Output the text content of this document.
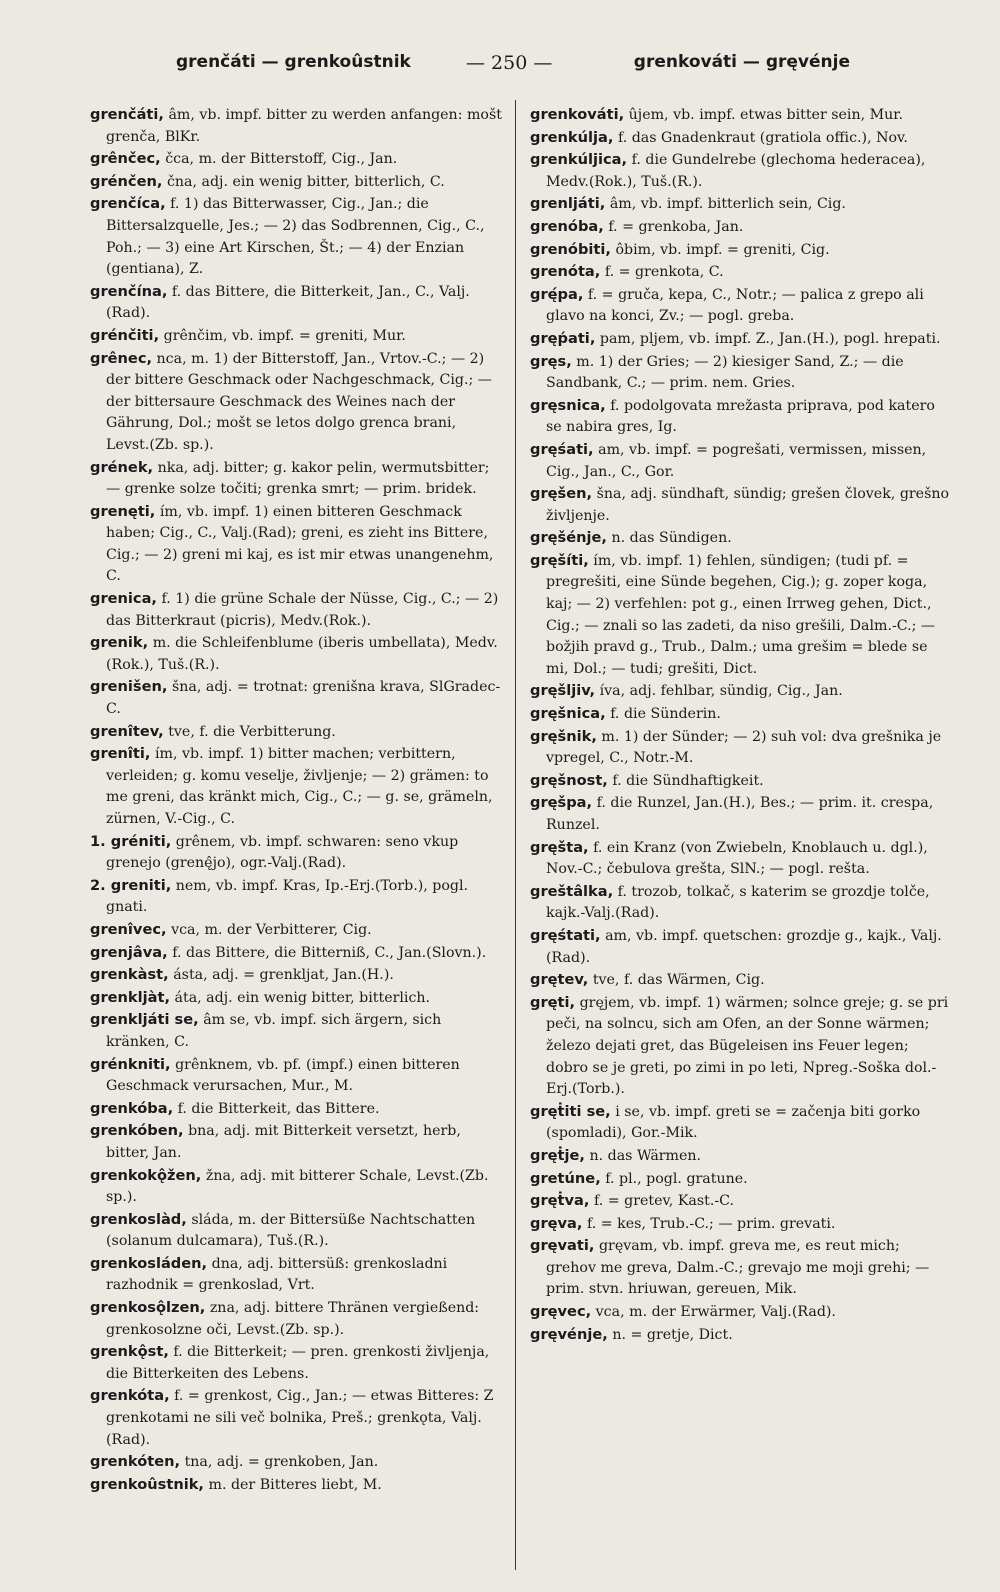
grenčáti — grenkoûstnik	— 250 —	grenkováti — gręvénje

grenčáti, âm, vb. impf. bitter zu werden anfangen: mošt grenča, BlKr.

grênčec, čca, m. der Bitterstoff, Cig., Jan.

grénčen, čna, adj. ein wenig bitter, bitterlich, C.

grenčíca, f. 1) das Bitterwasser, Cig., Jan.; die Bittersalzquelle, Jes.; — 2) das Sodbrennen, Cig., C., Poh.; — 3) eine Art Kirschen, Št.; — 4) der Enzian (gentiana), Z.

grenčína, f. das Bittere, die Bitterkeit, Jan., C., Valj.(Rad).

grénčiti, grênčim, vb. impf. = greniti, Mur.

grênec, nca, m. 1) der Bitterstoff, Jan., Vrtov.-C.; — 2) der bittere Geschmack oder Nachgeschmack, Cig.; — der bittersaure Geschmack des Weines nach der Gährung, Dol.; mošt se letos dolgo grenca brani, Levst.(Zb. sp.).

grének, nka, adj. bitter; g. kakor pelin, wermutsbitter; — grenke solze točiti; grenka smrt; — prim. bridek.

grenęti, ím, vb. impf. 1) einen bitteren Geschmack haben; Cig., C., Valj.(Rad); greni, es zieht ins Bittere, Cig.; — 2) greni mi kaj, es ist mir etwas unangenehm, C.

grenica, f. 1) die grüne Schale der Nüsse, Cig., C.; — 2) das Bitterkraut (picris), Medv.(Rok.).

grenik, m. die Schleifenblume (iberis umbellata), Medv.(Rok.), Tuš.(R.).

grenišen, šna, adj. = trotnat: grenišna krava, SlGradec-C.

grenîtev, tve, f. die Verbitterung.

grenîti, ím, vb. impf. 1) bitter machen; verbittern, verleiden; g. komu veselje, življenje; — 2) grämen: to me greni, das kränkt mich, Cig., C.; — g. se, grämeln, zürnen, V.-Cig., C.

1. gréniti, grênem, vb. impf. schwaren: seno vkup grenejo (grenę̂jo), ogr.-Valj.(Rad).

2. greniti, nem, vb. impf. Kras, Ip.-Erj.(Torb.), pogl. gnati.

grenîvec, vca, m. der Verbitterer, Cig.

grenjâva, f. das Bittere, die Bitterniß, C., Jan.(Slovn.).

grenkàst, ásta, adj. = grenkljat, Jan.(H.).

grenkljàt, áta, adj. ein wenig bitter, bitterlich.

grenkljáti se, âm se, vb. impf. sich ärgern, sich kränken, C.

grénkniti, grênknem, vb. pf. (impf.) einen bitteren Geschmack verursachen, Mur., M.

grenkóba, f. die Bitterkeit, das Bittere.

grenkóben, bna, adj. mit Bitterkeit versetzt, herb, bitter, Jan.

grenkokǫ̂žen, žna, adj. mit bitterer Schale, Levst.(Zb. sp.).

grenkoslàd, sláda, m. der Bittersüße Nachtschatten (solanum dulcamara), Tuš.(R.).

grenkosláden, dna, adj. bittersüß: grenkosladni razhodnik = grenkoslad, Vrt.

grenkosǫ̂lzen, zna, adj. bittere Thränen vergießend: grenkosolzne oči, Levst.(Zb. sp.).

grenkǫ̂st, f. die Bitterkeit; — pren. grenkosti življenja, die Bitterkeiten des Lebens.

grenkóta, f. = grenkost, Cig., Jan.; — etwas Bitteres: Z grenkotami ne sili več bolnika, Preš.; grenkǫta, Valj.(Rad).

grenkóten, tna, adj. = grenkoben, Jan.

grenkoûstnik, m. der Bitteres liebt, M.

grenkováti, ûjem, vb. impf. etwas bitter sein, Mur.

grenkúlja, f. das Gnadenkraut (gratiola offic.), Nov.

grenkúljica, f. die Gundelrebe (glechoma hederacea), Medv.(Rok.), Tuš.(R.).

grenljáti, âm, vb. impf. bitterlich sein, Cig.

grenóba, f. = grenkoba, Jan.

grenóbiti, ôbim, vb. impf. = greniti, Cig.

grenóta, f. = grenkota, C.

grę́pa, f. = gruča, kepa, C., Notr.; — palica z grepo ali glavo na konci, Zv.; — pogl. greba.

gręṕati, pam, pljem, vb. impf. Z., Jan.(H.), pogl. hrepati.

gręs, m. 1) der Gries; — 2) kiesiger Sand, Z.; — die Sandbank, C.; — prim. nem. Gries.

gręsnica, f. podolgovata mrežasta priprava, pod katero se nabira gres, Ig.

gręśati, am, vb. impf. = pogrešati, vermissen, missen, Cig., Jan., C., Gor.

gręšen, šna, adj. sündhaft, sündig; grešen človek, grešno življenje.

gręšénje, n. das Sündigen.

gręšíti, ím, vb. impf. 1) fehlen, sündigen; (tudi pf. = pregrešiti, eine Sünde begehen, Cig.); g. zoper koga, kaj; — 2) verfehlen: pot g., einen Irrweg gehen, Dict., Cig.; — znali so las zadeti, da niso grešili, Dalm.-C.; — božjih pravd g., Trub., Dalm.; uma grešim = blede se mi, Dol.; — tudi; grešiti, Dict.

gręšljiv, íva, adj. fehlbar, sündig, Cig., Jan.

gręšnica, f. die Sünderin.

gręšnik, m. 1) der Sünder; — 2) suh vol: dva grešnika je vpregel, C., Notr.-M.

gręšnost, f. die Sündhaftigkeit.

gręšpa, f. die Runzel, Jan.(H.), Bes.; — prim. it. crespa, Runzel.

gręšta, f. ein Kranz (von Zwiebeln, Knoblauch u. dgl.), Nov.-C.; čebulova grešta, SlN.; — pogl. rešta.

greštâlka, f. trozob, tolkač, s katerim se grozdje tolče, kajk.-Valj.(Rad).

gręśtati, am, vb. impf. quetschen: grozdje g., kajk., Valj.(Rad).

grętev, tve, f. das Wärmen, Cig.

gręti, gręjem, vb. impf. 1) wärmen; solnce greje; g. se pri peči, na solncu, sich am Ofen, an der Sonne wärmen; železo dejati gret, das Bügeleisen ins Feuer legen; dobro se je greti, po zimi in po leti, Npreg.-Soška dol.-Erj.(Torb.).

gręṫiti se, i se, vb. impf. greti se = začenja biti gorko (spomladi), Gor.-Mik.

gręṫje, n. das Wärmen.

gretúne, f. pl., pogl. gratune.

gręṫva, f. = gretev, Kast.-C.

gręva, f. = kes, Trub.-C.; — prim. grevati.

gręvati, gręvam, vb. impf. greva me, es reut mich; grehov me greva, Dalm.-C.; grevajo me moji grehi; — prim. stvn. hriuwan, gereuen, Mik.

gręvec, vca, m. der Erwärmer, Valj.(Rad).

gręvénje, n. = gretje, Dict.
